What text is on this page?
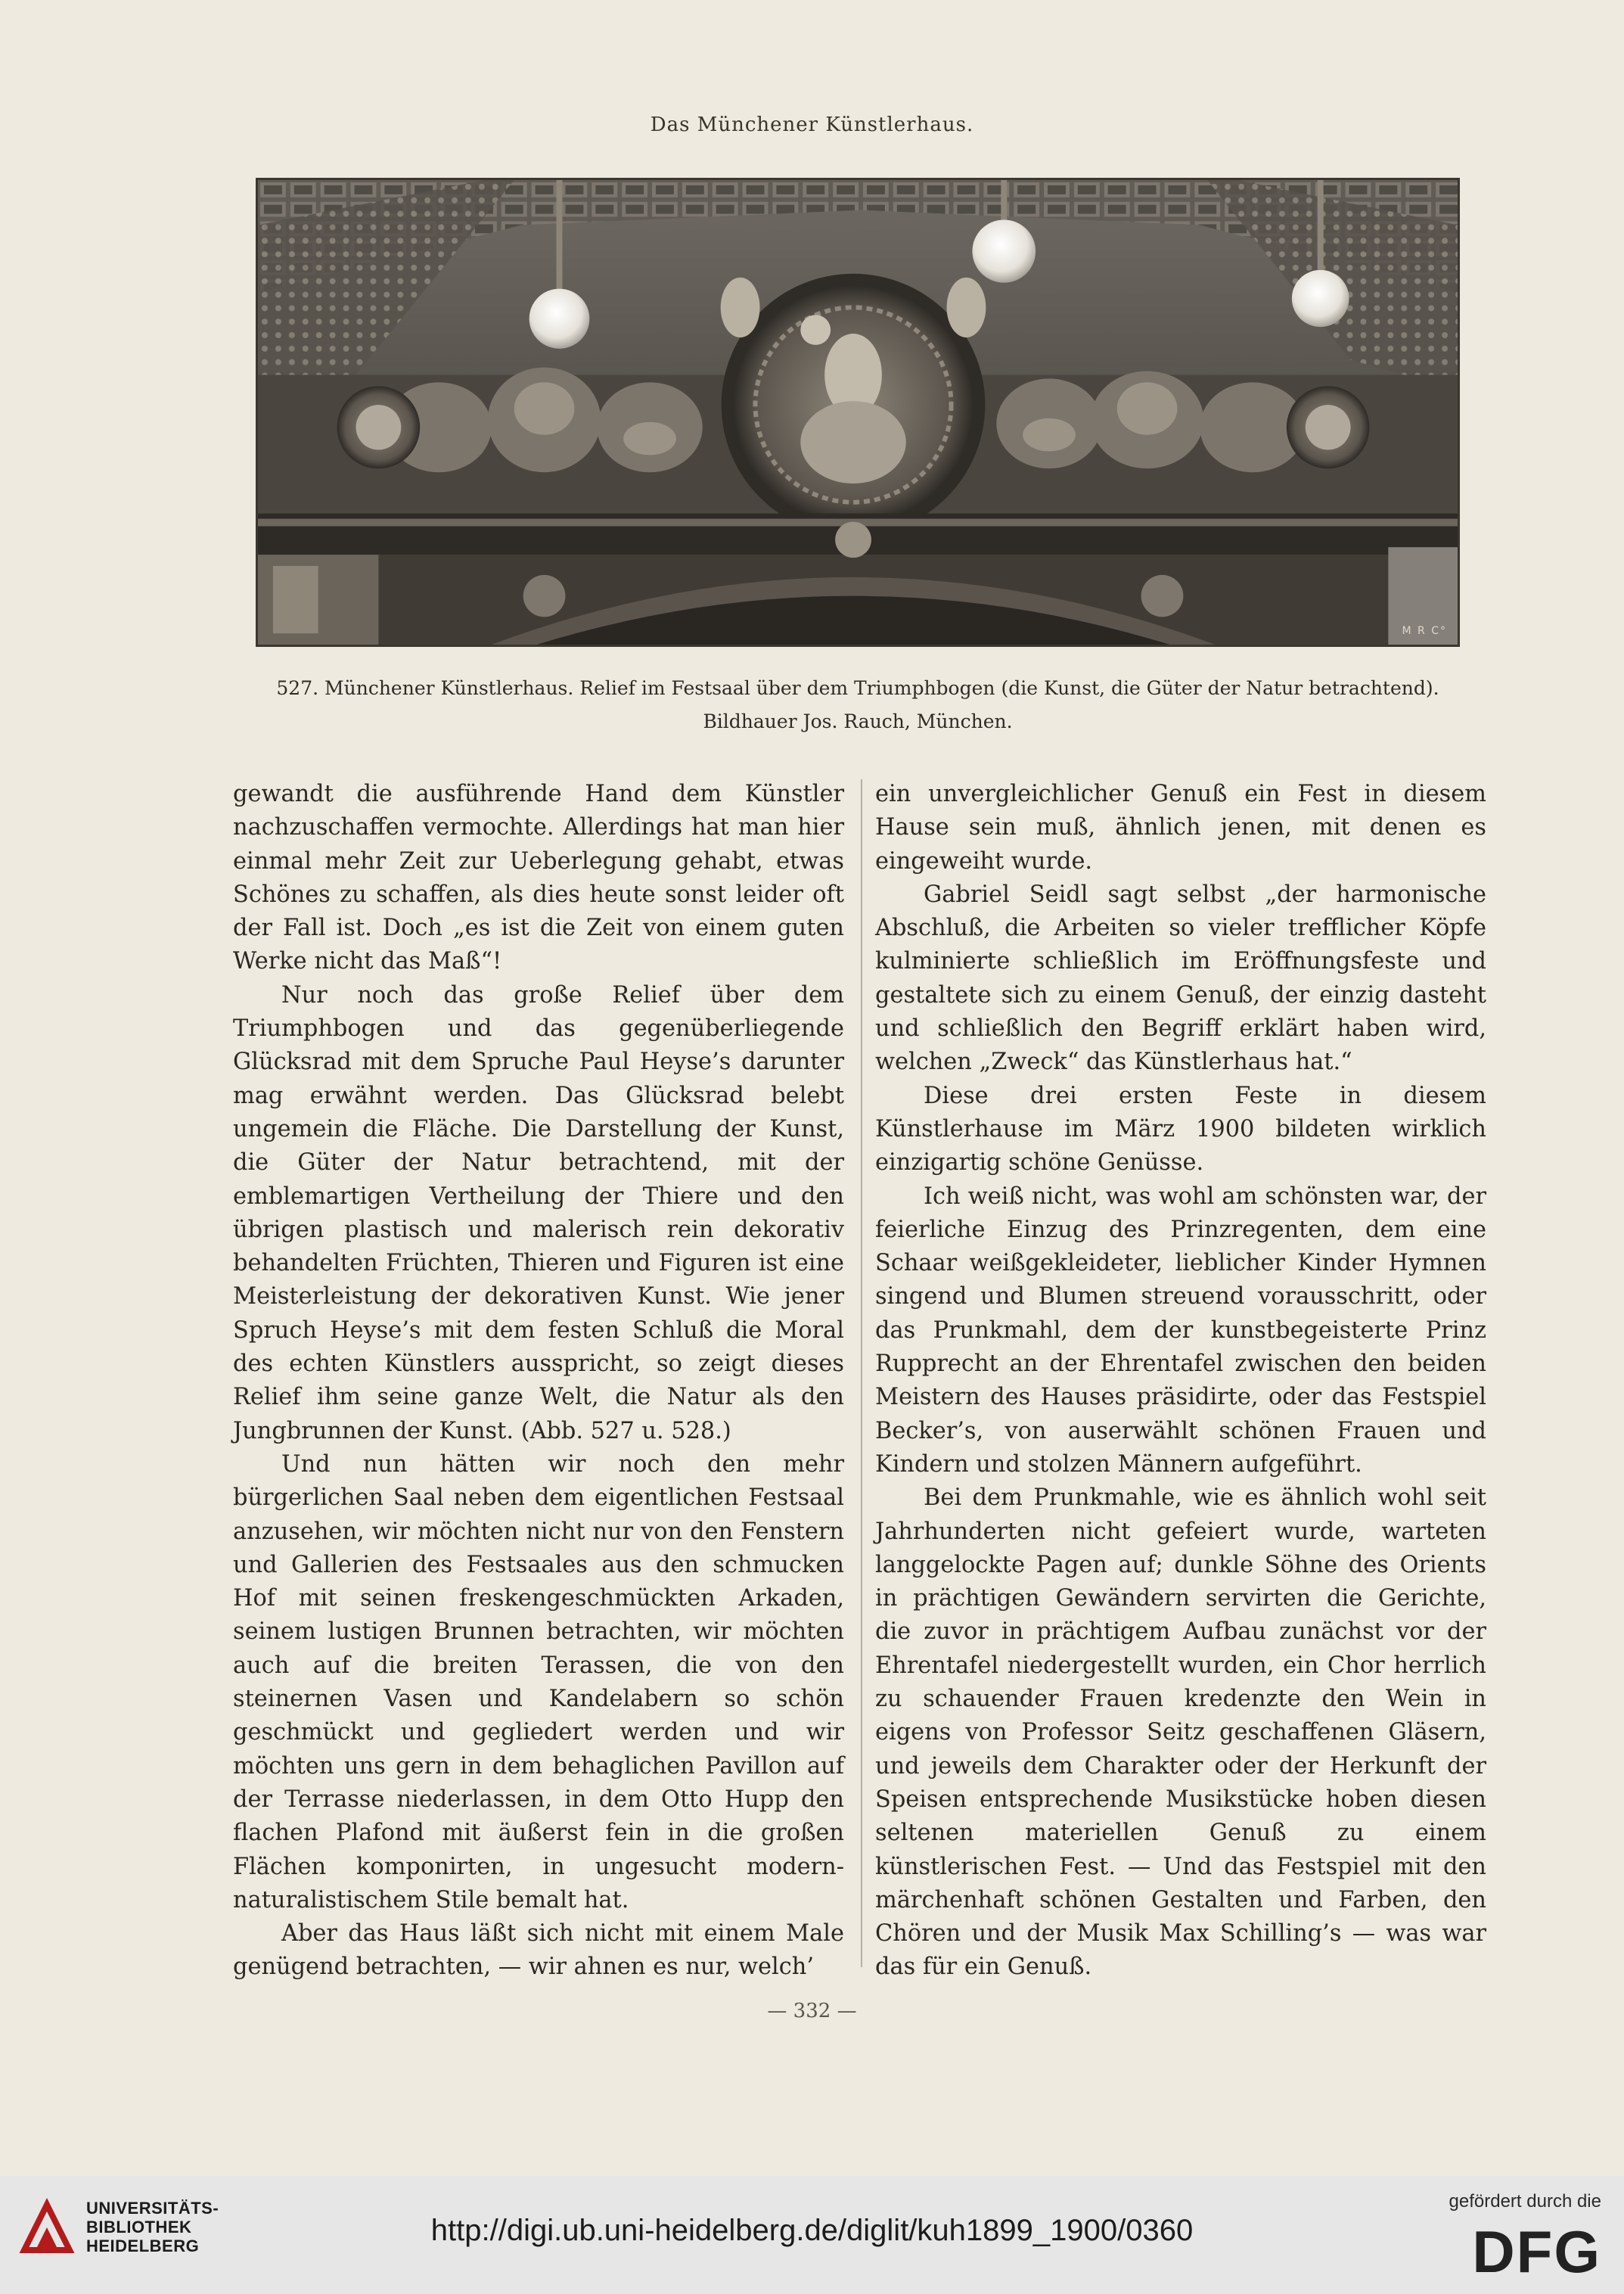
Das Münchener Künstlerhaus.
M R C°
527. Münchener Künstlerhaus. Relief im Festsaal über dem Triumphbogen (die Kunst, die Güter der Natur betrachtend).
Bildhauer Jos. Rauch, München.

gewandt die ausführende Hand dem Künstler nachzuschaffen vermochte. Allerdings hat man hier einmal mehr Zeit zur Ueberlegung gehabt, etwas Schönes zu schaffen, als dies heute sonst leider oft der Fall ist. Doch „es ist die Zeit von einem guten Werke nicht das Maß“!

Nur noch das große Relief über dem Triumphbogen und das gegenüberliegende Glücksrad mit dem Spruche Paul Heyse’s darunter mag erwähnt werden. Das Glücksrad belebt ungemein die Fläche. Die Darstellung der Kunst, die Güter der Natur betrachtend, mit der emblemartigen Vertheilung der Thiere und den übrigen plastisch und malerisch rein dekorativ behandelten Früchten, Thieren und Figuren ist eine Meisterleistung der dekorativen Kunst. Wie jener Spruch Heyse’s mit dem festen Schluß die Moral des echten Künstlers ausspricht, so zeigt dieses Relief ihm seine ganze Welt, die Natur als den Jungbrunnen der Kunst. (Abb. 527 u. 528.)

Und nun hätten wir noch den mehr bürgerlichen Saal neben dem eigentlichen Festsaal anzusehen, wir möchten nicht nur von den Fenstern und Gallerien des Festsaales aus den schmucken Hof mit seinen freskengeschmückten Arkaden, seinem lustigen Brunnen betrachten, wir möchten auch auf die breiten Terassen, die von den steinernen Vasen und Kandelabern so schön geschmückt und gegliedert werden und wir möchten uns gern in dem behaglichen Pavillon auf der Terrasse niederlassen, in dem Otto Hupp den flachen Plafond mit äußerst fein in die großen Flächen komponirten, in ungesucht modern-naturalistischem Stile bemalt hat.

Aber das Haus läßt sich nicht mit einem Male genügend betrachten, — wir ahnen es nur, welch’

ein unvergleichlicher Genuß ein Fest in diesem Hause sein muß, ähnlich jenen, mit denen es eingeweiht wurde.

Gabriel Seidl sagt selbst „der harmonische Abschluß, die Arbeiten so vieler trefflicher Köpfe kulminierte schließlich im Eröffnungsfeste und gestaltete sich zu einem Genuß, der einzig dasteht und schließlich den Begriff erklärt haben wird, welchen „Zweck“ das Künstlerhaus hat.“

Diese drei ersten Feste in diesem Künstlerhause im März 1900 bildeten wirklich einzigartig schöne Genüsse.

Ich weiß nicht, was wohl am schönsten war, der feierliche Einzug des Prinzregenten, dem eine Schaar weißgekleideter, lieblicher Kinder Hymnen singend und Blumen streuend vorausschritt, oder das Prunkmahl, dem der kunstbegeisterte Prinz Rupprecht an der Ehrentafel zwischen den beiden Meistern des Hauses präsidirte, oder das Festspiel Becker’s, von auserwählt schönen Frauen und Kindern und stolzen Männern aufgeführt.

Bei dem Prunkmahle, wie es ähnlich wohl seit Jahrhunderten nicht gefeiert wurde, warteten langgelockte Pagen auf; dunkle Söhne des Orients in prächtigen Gewändern servirten die Gerichte, die zuvor in prächtigem Aufbau zunächst vor der Ehrentafel niedergestellt wurden, ein Chor herrlich zu schauender Frauen kredenzte den Wein in eigens von Professor Seitz geschaffenen Gläsern, und jeweils dem Charakter oder der Herkunft der Speisen entsprechende Musikstücke hoben diesen seltenen materiellen Genuß zu einem künstlerischen Fest. — Und das Festspiel mit den märchenhaft schönen Gestalten und Farben, den Chören und der Musik Max Schilling’s — was war das für ein Genuß.

— 332 —
UNIVERSITÄTS-
BIBLIOTHEK
HEIDELBERG	http://digi.ub.uni-heidelberg.de/diglit/kuh1899_1900/0360
gefördert durch die
DFG
